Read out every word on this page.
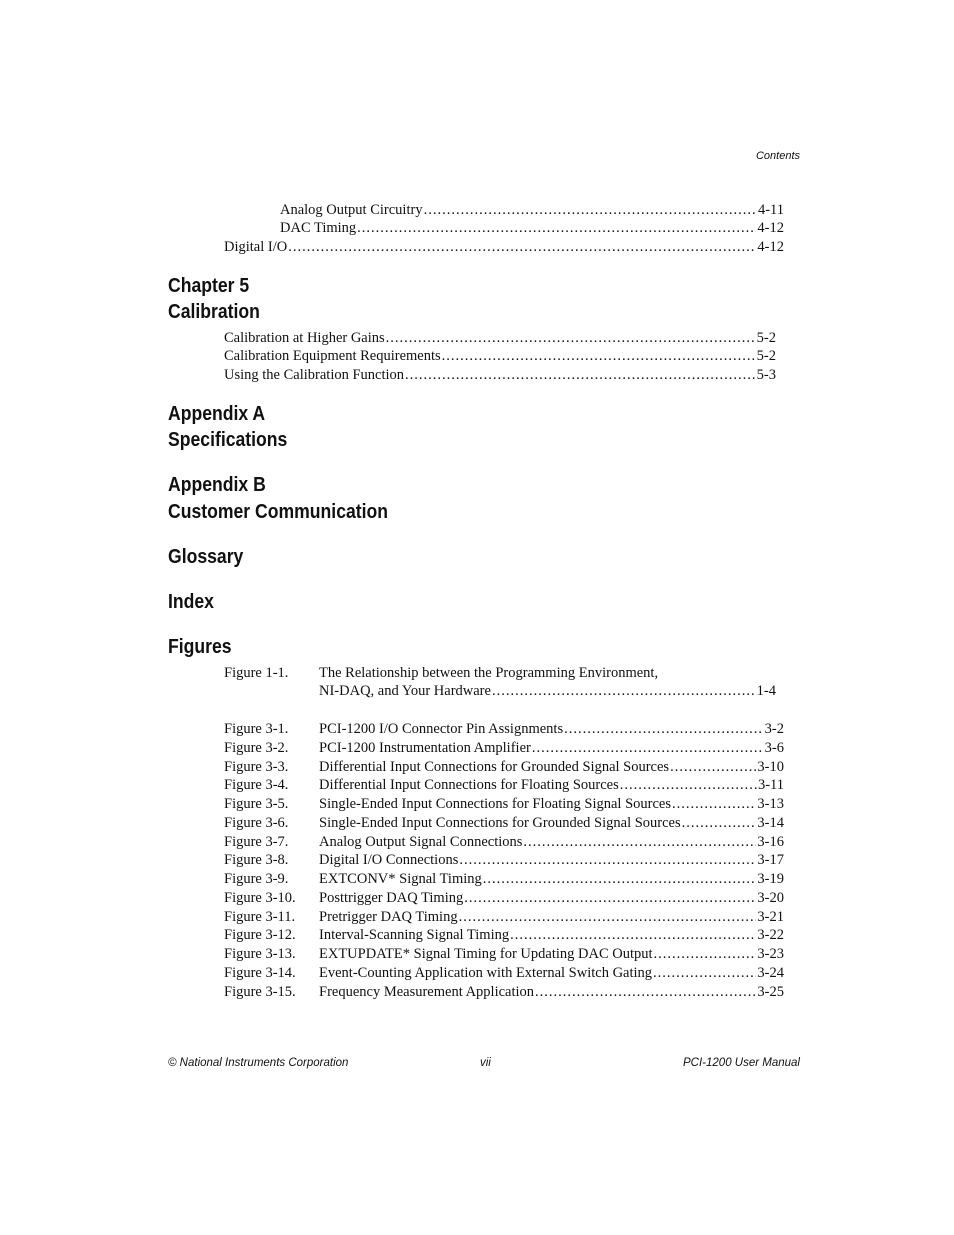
Contents
Analog Output Circuitry .....	4-11
DAC Timing .....	4-12
Digital I/O .....	4-12
Chapter 5
Calibration
Calibration at Higher Gains .....	5-2
Calibration Equipment Requirements .....	5-2
Using the Calibration Function .....	5-3
Appendix A
Specifications
Appendix B
Customer Communication
Glossary
Index
Figures
Figure 1-1. The Relationship between the Programming Environment,
NI-DAQ, and Your Hardware .....	1-4
Figure 3-1. PCI-1200 I/O Connector Pin Assignments .....	3-2
Figure 3-2. PCI-1200 Instrumentation Amplifier .....	3-6
Figure 3-3. Differential Input Connections for Grounded Signal Sources .....	3-10
Figure 3-4. Differential Input Connections for Floating Sources .....	3-11
Figure 3-5. Single-Ended Input Connections for Floating Signal Sources .....	3-13
Figure 3-6. Single-Ended Input Connections for Grounded Signal Sources .....	3-14
Figure 3-7. Analog Output Signal Connections .....	3-16
Figure 3-8. Digital I/O Connections .....	3-17
Figure 3-9. EXTCONV* Signal Timing .....	3-19
Figure 3-10. Posttrigger DAQ Timing .....	3-20
Figure 3-11. Pretrigger DAQ Timing .....	3-21
Figure 3-12. Interval-Scanning Signal Timing .....	3-22
Figure 3-13. EXTUPDATE* Signal Timing for Updating DAC Output .....	3-23
Figure 3-14. Event-Counting Application with External Switch Gating .....	3-24
Figure 3-15. Frequency Measurement Application .....	3-25
© National Instruments Corporation	vii	PCI-1200 User Manual
